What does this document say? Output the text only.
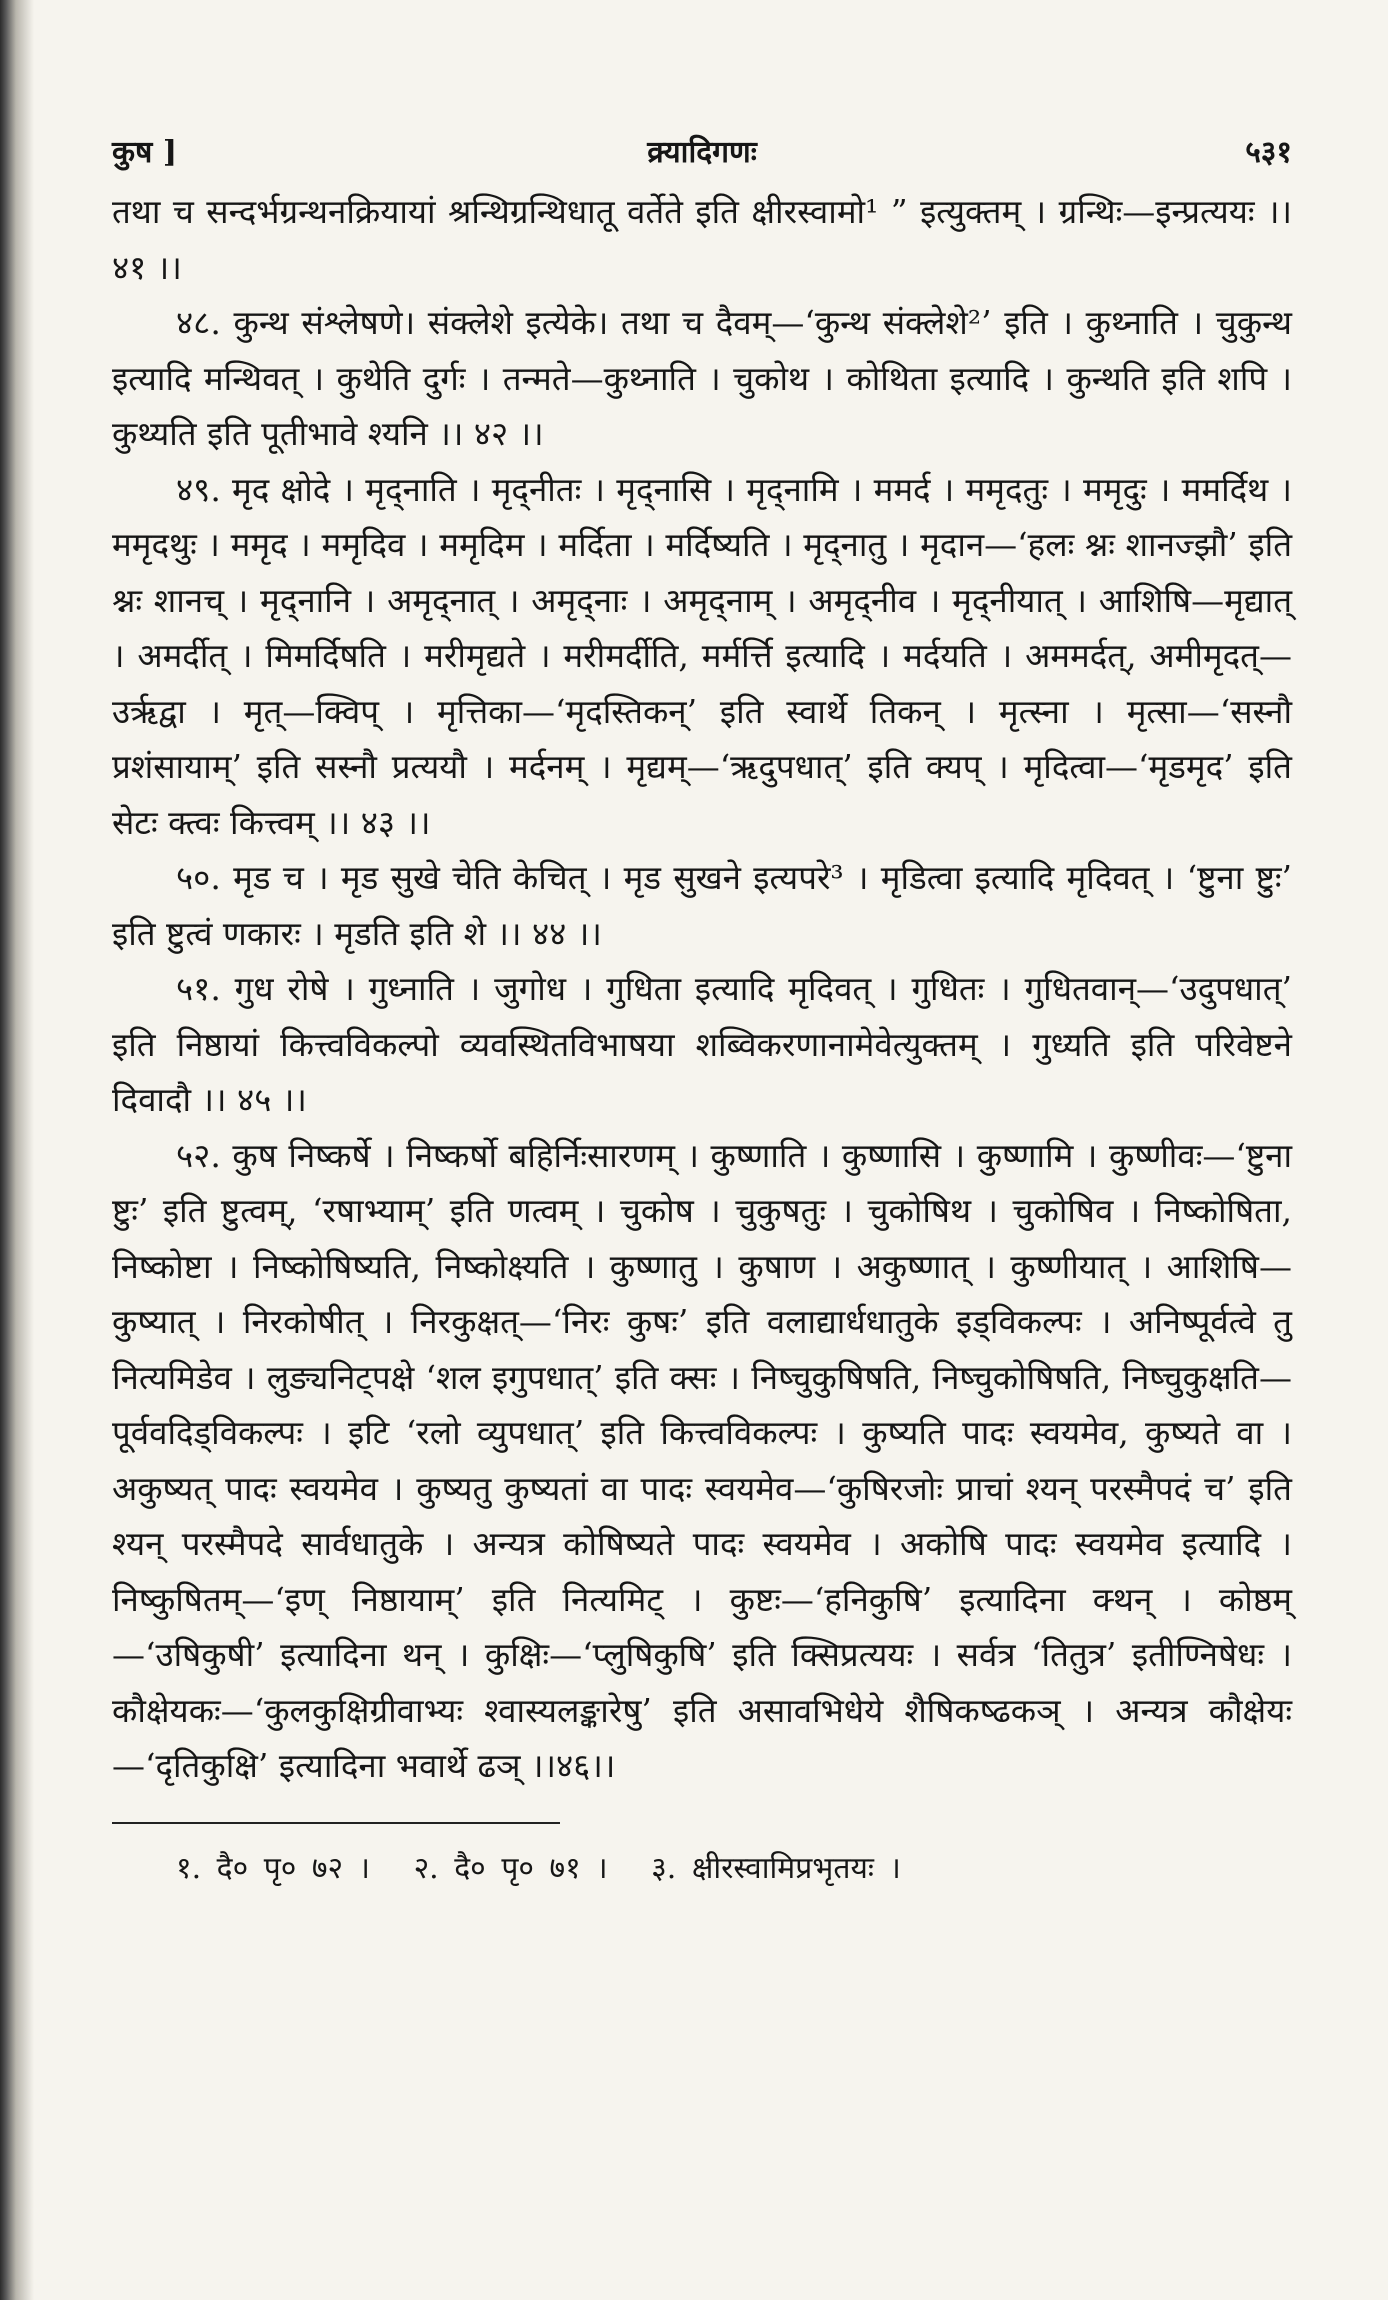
कुष ]	क्र्यादिगणः	५३१

तथा च सन्दर्भग्रन्थनक्रियायां श्रन्थिग्रन्थिधातू वर्तेते इति क्षीरस्वामो¹ ” इत्युक्तम् । ग्रन्थिः—इन्प्रत्ययः ।। ४१ ।।

४८. कुन्थ संश्लेषणे। संक्लेशे इत्येके। तथा च दैवम्—‘कुन्थ संक्लेशे²’ इति । कुथ्नाति । चुकुन्थ इत्यादि मन्थिवत् । कुथेति दुर्गः । तन्मते—कुथ्नाति । चुकोथ । कोथिता इत्यादि । कुन्थति इति शपि । कुथ्यति इति पूतीभावे श्यनि ।। ४२ ।।

४९. मृद क्षोदे । मृद्नाति । मृद्नीतः । मृद्नासि । मृद्नामि । ममर्द । ममृदतुः । ममृदुः । ममर्दिथ । ममृदथुः । ममृद । ममृदिव । ममृदिम । मर्दिता । मर्दिष्यति । मृद्नातु । मृदान—‘हलः श्नः शानज्झौ’ इति श्नः शानच् । मृद्नानि । अमृद्नात् । अमृद्नाः । अमृद्नाम् । अमृद्नीव । मृद्नीयात् । आशिषि—मृद्यात् । अमर्दीत् । मिमर्दिषति । मरीमृद्यते । मरीमर्दीति, मर्मर्त्ति इत्यादि । मर्दयति । अममर्दत्, अमीमृदत्—उर्ऋद्वा । मृत्—क्विप् । मृत्तिका—‘मृदस्तिकन्’ इति स्वार्थे तिकन् । मृत्स्ना । मृत्सा—‘सस्नौ प्रशंसायाम्’ इति सस्नौ प्रत्ययौ । मर्दनम् । मृद्यम्—‘ऋदुपधात्’ इति क्यप् । मृदित्वा—‘मृडमृद’ इति सेटः क्त्वः कित्त्वम् ।। ४३ ।।

५०. मृड च । मृड सुखे चेति केचित् । मृड सुखने इत्यपरे³ । मृडित्वा इत्यादि मृदिवत् । ‘ष्टुना ष्टुः’ इति ष्टुत्वं णकारः । मृडति इति शे ।। ४४ ।।

५१. गुध रोषे । गुध्नाति । जुगोध । गुधिता इत्यादि मृदिवत् । गुधितः । गुधितवान्—‘उदुपधात्’ इति निष्ठायां कित्त्वविकल्पो व्यवस्थितविभाषया शब्विकरणानामेवेत्युक्तम् । गुध्यति इति परिवेष्टने दिवादौ ।। ४५ ।।

५२. कुष निष्कर्षे । निष्कर्षो बहिर्निःसारणम् । कुष्णाति । कुष्णासि । कुष्णामि । कुष्णीवः—‘ष्टुना ष्टुः’ इति ष्टुत्वम्, ‘रषाभ्याम्’ इति णत्वम् । चुकोष । चुकुषतुः । चुकोषिथ । चुकोषिव । निष्कोषिता, निष्कोष्टा । निष्कोषिष्यति, निष्कोक्ष्यति । कुष्णातु । कुषाण । अकुष्णात् । कुष्णीयात् । आशिषि—कुष्यात् । निरकोषीत् । निरकुक्षत्—‘निरः कुषः’ इति वलाद्यार्धधातुके इड्विकल्पः । अनिष्पूर्वत्वे तु नित्यमिडेव । लुङ्यनिट्पक्षे ‘शल इगुपधात्’ इति क्सः । निष्चुकुषिषति, निष्चुकोषिषति, निष्चुकुक्षति—पूर्ववदिड्विकल्पः । इटि ‘रलो व्युपधात्’ इति कित्त्वविकल्पः । कुष्यति पादः स्वयमेव, कुष्यते वा । अकुष्यत् पादः स्वयमेव । कुष्यतु कुष्यतां वा पादः स्वयमेव—‘कुषिरजोः प्राचां श्यन् परस्मैपदं च’ इति श्यन् परस्मैपदे सार्वधातुके । अन्यत्र कोषिष्यते पादः स्वयमेव । अकोषि पादः स्वयमेव इत्यादि । निष्कुषितम्—‘इण् निष्ठायाम्’ इति नित्यमिट् । कुष्टः—‘हनिकुषि’ इत्यादिना क्थन् । कोष्ठम्—‘उषिकुषी’ इत्यादिना थन् । कुक्षिः—‘प्लुषिकुषि’ इति क्सिप्रत्ययः । सर्वत्र ‘तितुत्र’ इतीण्निषेधः । कौक्षेयकः—‘कुलकुक्षिग्रीवाभ्यः श्वास्यलङ्कारेषु’ इति असावभिधेये शैषिकष्ढकञ् । अन्यत्र कौक्षेयः—‘दृतिकुक्षि’ इत्यादिना भवार्थे ढञ् ।।४६।।

१. दै० पृ० ७२ । २. दै० पृ० ७१ । ३. क्षीरस्वामिप्रभृतयः ।
